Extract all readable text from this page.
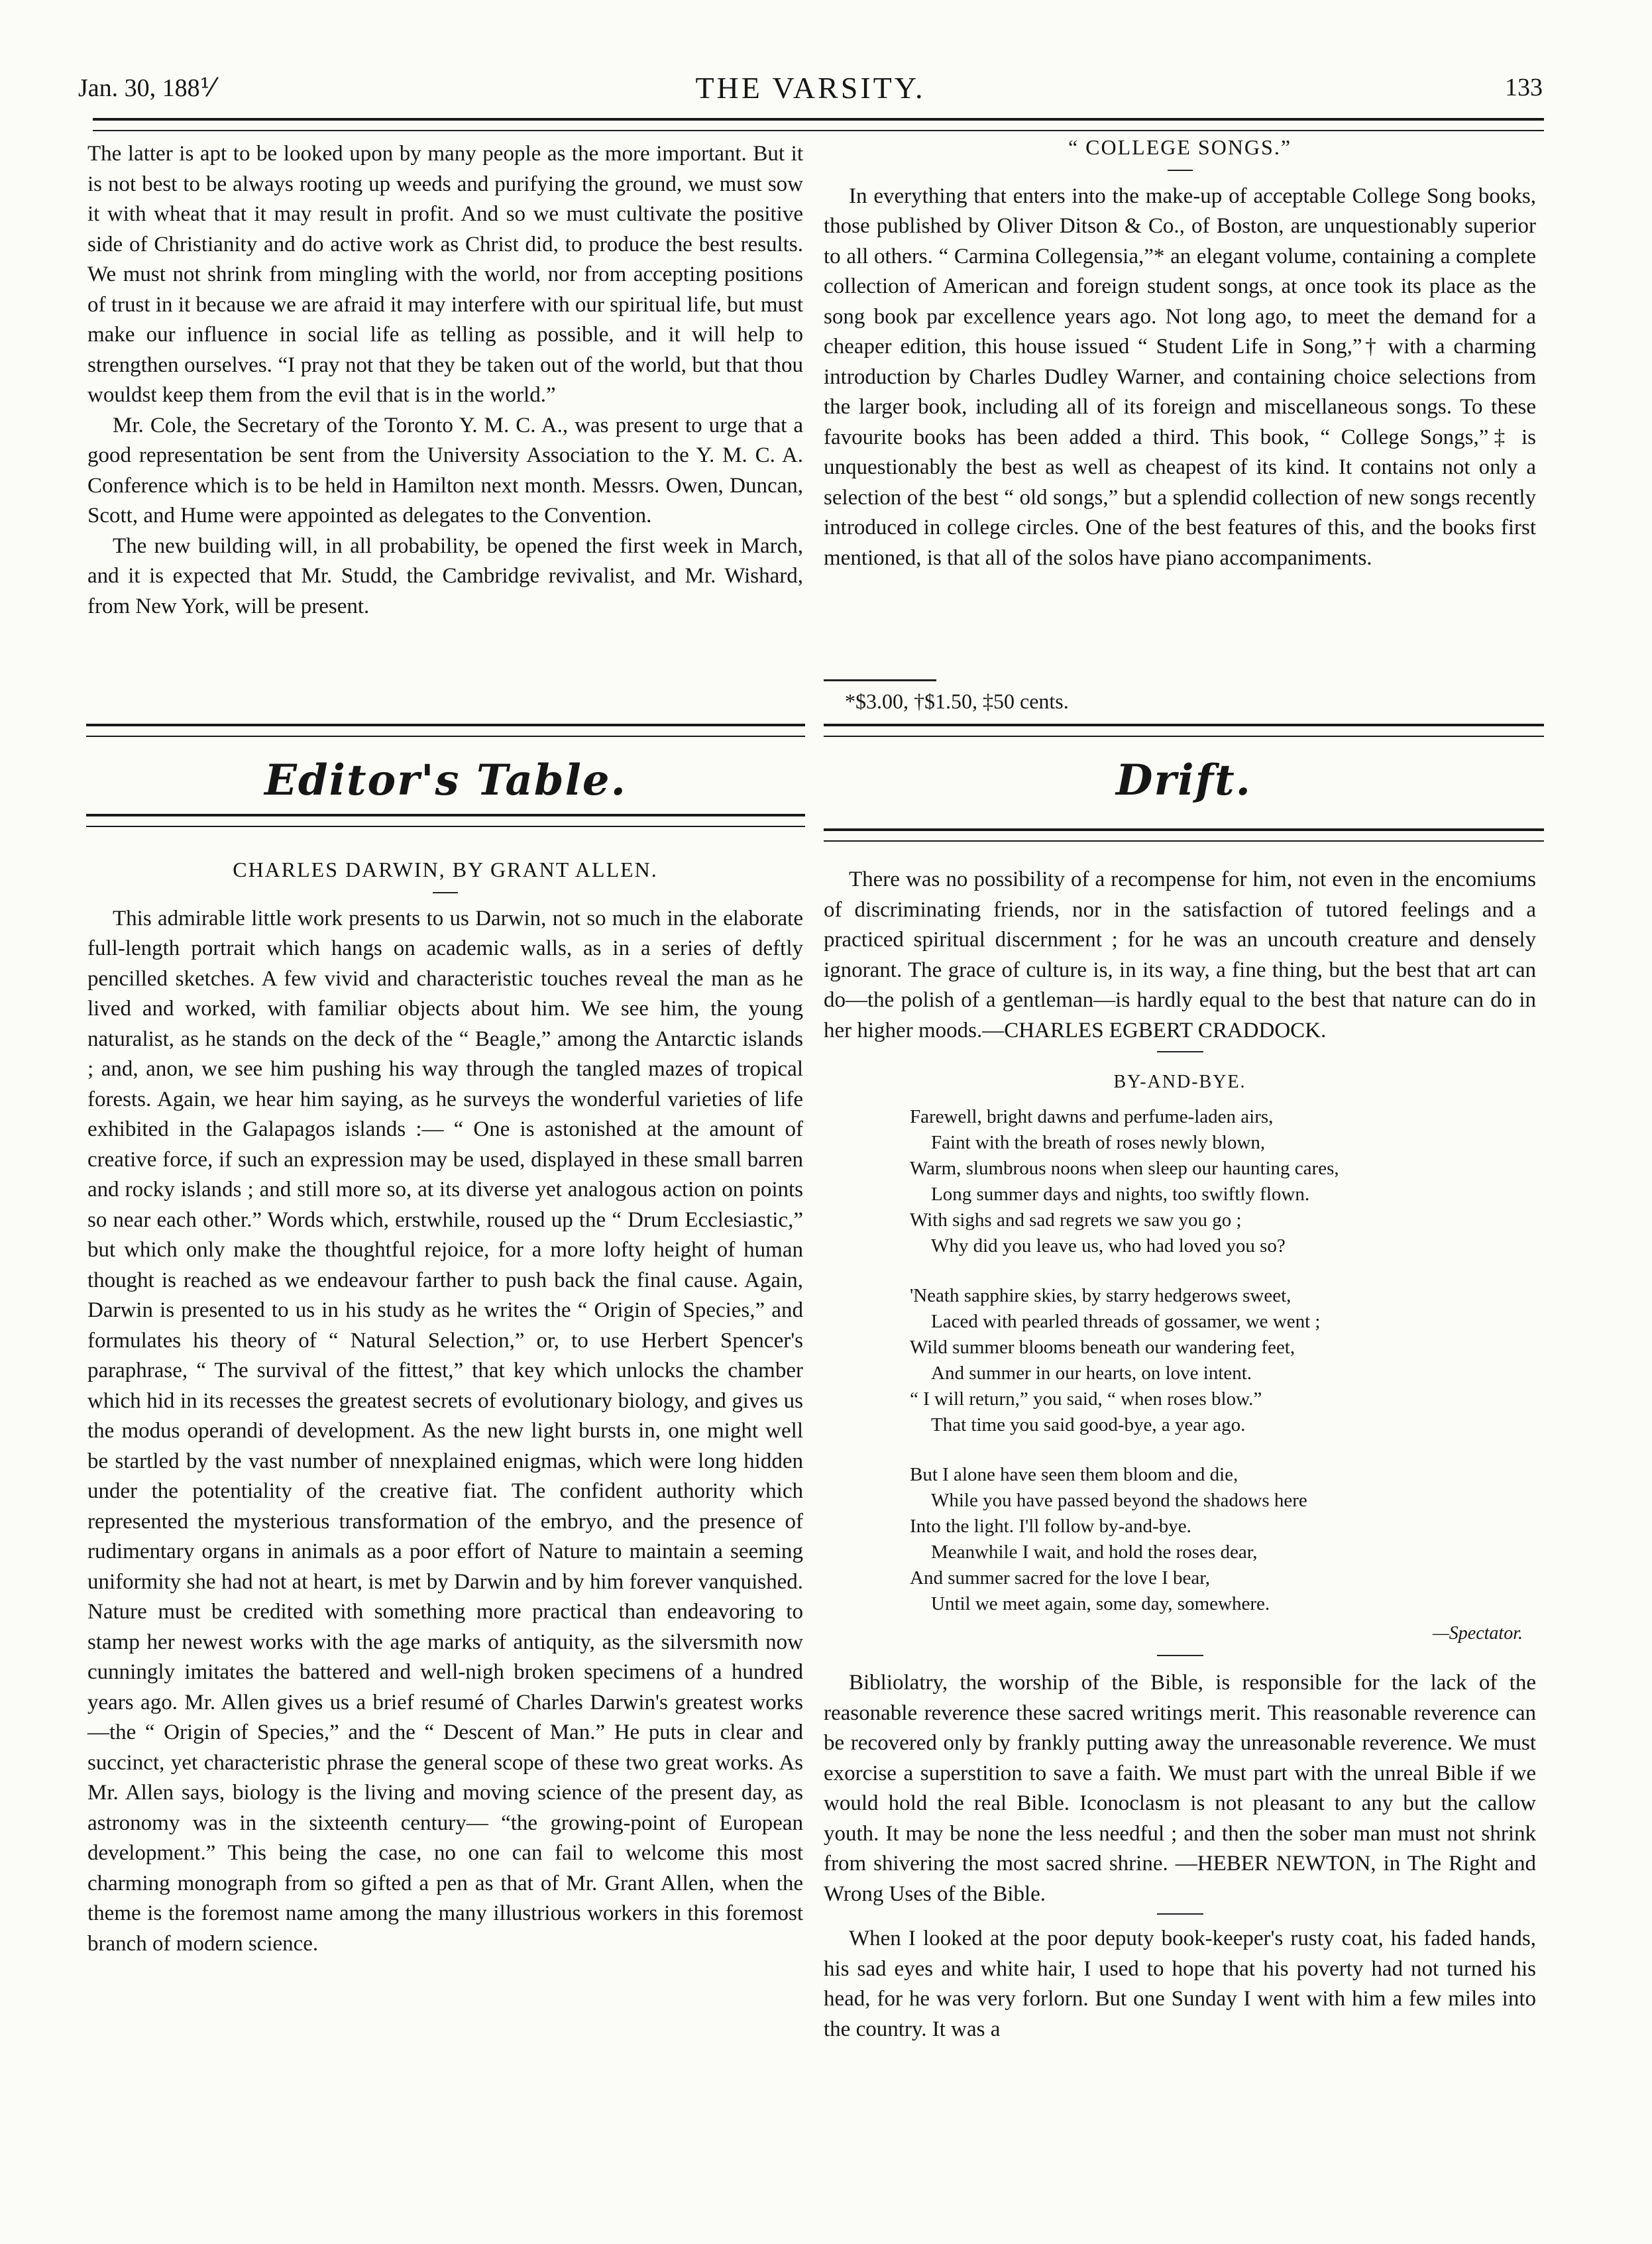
Jan. 30, 188⅟	THE VARSITY.	133

The latter is apt to be looked upon by many people as the more important. But it is not best to be always rooting up weeds and purifying the ground, we must sow it with wheat that it may result in profit. And so we must cultivate the positive side of Christianity and do active work as Christ did, to produce the best results. We must not shrink from mingling with the world, nor from accepting positions of trust in it because we are afraid it may interfere with our spiritual life, but must make our influence in social life as telling as possible, and it will help to strengthen ourselves. “I pray not that they be taken out of the world, but that thou wouldst keep them from the evil that is in the world.”

Mr. Cole, the Secretary of the Toronto Y. M. C. A., was present to urge that a good representation be sent from the University Association to the Y. M. C. A. Conference which is to be held in Hamilton next month. Messrs. Owen, Duncan, Scott, and Hume were appointed as delegates to the Convention.

The new building will, in all probability, be opened the first week in March, and it is expected that Mr. Studd, the Cambridge revivalist, and Mr. Wishard, from New York, will be present.

“ COLLEGE SONGS.”

In everything that enters into the make-up of acceptable College Song books, those published by Oliver Ditson & Co., of Boston, are unquestionably superior to all others. “ Carmina Collegensia,”* an elegant volume, containing a complete collection of American and foreign student songs, at once took its place as the song book par excellence years ago. Not long ago, to meet the demand for a cheaper edition, this house issued “ Student Life in Song,”† with a charming introduction by Charles Dudley Warner, and containing choice selections from the larger book, including all of its foreign and miscellaneous songs. To these favourite books has been added a third. This book, “ College Songs,”‡ is unquestionably the best as well as cheapest of its kind. It contains not only a selection of the best “ old songs,” but a splendid collection of new songs recently introduced in college circles. One of the best features of this, and the books first mentioned, is that all of the solos have piano accompaniments.

*$3.00, †$1.50, ‡50 cents.
Editor's Table.	Drift.
CHARLES DARWIN, BY GRANT ALLEN.

This admirable little work presents to us Darwin, not so much in the elaborate full-length portrait which hangs on academic walls, as in a series of deftly pencilled sketches. A few vivid and characteristic touches reveal the man as he lived and worked, with familiar objects about him. We see him, the young naturalist, as he stands on the deck of the “ Beagle,” among the Antarctic islands ; and, anon, we see him pushing his way through the tangled mazes of tropical forests. Again, we hear him saying, as he surveys the wonderful varieties of life exhibited in the Galapagos islands :— “ One is astonished at the amount of creative force, if such an expression may be used, displayed in these small barren and rocky islands ; and still more so, at its diverse yet analogous action on points so near each other.” Words which, erstwhile, roused up the “ Drum Ecclesiastic,” but which only make the thoughtful rejoice, for a more lofty height of human thought is reached as we endeavour farther to push back the final cause. Again, Darwin is presented to us in his study as he writes the “ Origin of Species,” and formulates his theory of “ Natural Selection,” or, to use Herbert Spencer's paraphrase, “ The survival of the fittest,” that key which unlocks the chamber which hid in its recesses the greatest secrets of evolutionary biology, and gives us the modus operandi of development. As the new light bursts in, one might well be startled by the vast number of nnexplained enigmas, which were long hidden under the potentiality of the creative fiat. The confident authority which represented the mysterious transformation of the embryo, and the presence of rudimentary organs in animals as a poor effort of Nature to maintain a seeming uniformity she had not at heart, is met by Darwin and by him forever vanquished. Nature must be credited with something more practical than endeavoring to stamp her newest works with the age marks of antiquity, as the silversmith now cunningly imitates the battered and well-nigh broken specimens of a hundred years ago. Mr. Allen gives us a brief resumé of Charles Darwin's greatest works—the “ Origin of Species,” and the “ Descent of Man.” He puts in clear and succinct, yet characteristic phrase the general scope of these two great works. As Mr. Allen says, biology is the living and moving science of the present day, as astronomy was in the sixteenth century— “the growing-point of European development.” This being the case, no one can fail to welcome this most charming monograph from so gifted a pen as that of Mr. Grant Allen, when the theme is the foremost name among the many illustrious workers in this foremost branch of modern science.

There was no possibility of a recompense for him, not even in the encomiums of discriminating friends, nor in the satisfaction of tutored feelings and a practiced spiritual discernment ; for he was an uncouth creature and densely ignorant. The grace of culture is, in its way, a fine thing, but the best that art can do—the polish of a gentleman—is hardly equal to the best that nature can do in her higher moods.—CHARLES EGBERT CRADDOCK.

BY-AND-BYE.
Farewell, bright dawns and perfume-laden airs,
Faint with the breath of roses newly blown,
Warm, slumbrous noons when sleep our haunting cares,
Long summer days and nights, too swiftly flown.
With sighs and sad regrets we saw you go ;
Why did you leave us, who had loved you so?
'Neath sapphire skies, by starry hedgerows sweet,
Laced with pearled threads of gossamer, we went ;
Wild summer blooms beneath our wandering feet,
And summer in our hearts, on love intent.
“ I will return,” you said, “ when roses blow.”
That time you said good-bye, a year ago.
But I alone have seen them bloom and die,
While you have passed beyond the shadows here
Into the light. I'll follow by-and-bye.
Meanwhile I wait, and hold the roses dear,
And summer sacred for the love I bear,
Until we meet again, some day, somewhere.
—Spectator.

Bibliolatry, the worship of the Bible, is responsible for the lack of the reasonable reverence these sacred writings merit. This reasonable reverence can be recovered only by frankly putting away the unreasonable reverence. We must exorcise a superstition to save a faith. We must part with the unreal Bible if we would hold the real Bible. Iconoclasm is not pleasant to any but the callow youth. It may be none the less needful ; and then the sober man must not shrink from shivering the most sacred shrine. —HEBER NEWTON, in The Right and Wrong Uses of the Bible.

When I looked at the poor deputy book-keeper's rusty coat, his faded hands, his sad eyes and white hair, I used to hope that his poverty had not turned his head, for he was very forlorn. But one Sunday I went with him a few miles into the country. It was a
